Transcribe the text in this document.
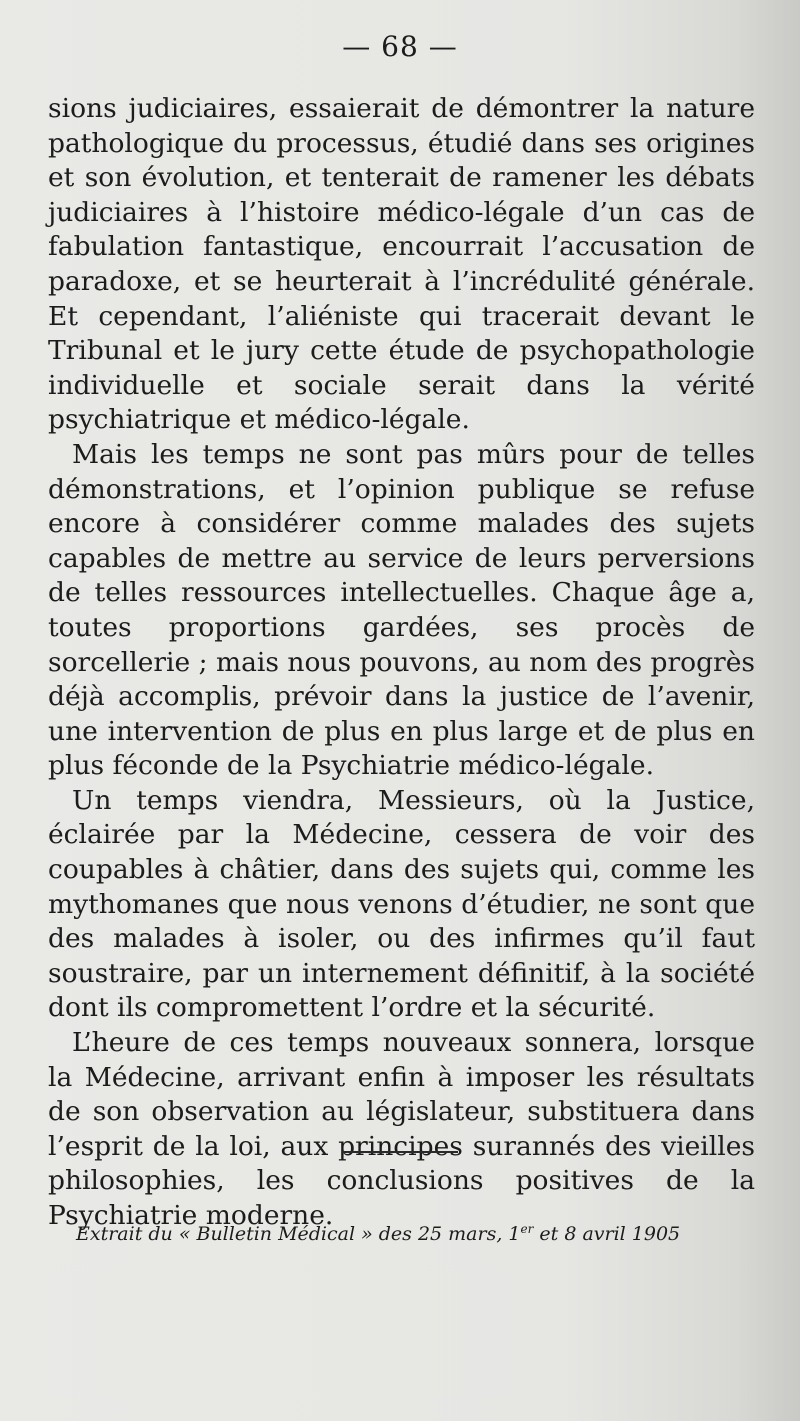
— 68 —

sions judiciaires, essaierait de démontrer la nature pathologique du processus, étudié dans ses origines et son évolution, et tenterait de ramener les débats judiciaires à l’histoire médico-légale d’un cas de fabulation fantastique, encourrait l’accusation de paradoxe, et se heurterait à l’incrédulité générale. Et cependant, l’aliéniste qui tracerait devant le Tribunal et le jury cette étude de psychopathologie individuelle et sociale serait dans la vérité psychiatrique et médico-légale.

Mais les temps ne sont pas mûrs pour de telles démonstrations, et l’opinion publique se refuse encore à considérer comme malades des sujets capables de mettre au service de leurs perversions de telles ressources intellectuelles. Chaque âge a, toutes proportions gardées, ses procès de sorcellerie ; mais nous pouvons, au nom des progrès déjà accomplis, prévoir dans la justice de l’avenir, une intervention de plus en plus large et de plus en plus féconde de la Psychiatrie médico-légale.

Un temps viendra, Messieurs, où la Justice, éclairée par la Médecine, cessera de voir des coupables à châtier, dans des sujets qui, comme les mythomanes que nous venons d’étudier, ne sont que des malades à isoler, ou des infirmes qu’il faut soustraire, par un internement définitif, à la société dont ils compromettent l’ordre et la sécurité.

L’heure de ces temps nouveaux sonnera, lorsque la Médecine, arrivant enfin à imposer les résultats de son observation au législateur, substituera dans l’esprit de la loi, aux principes surannés des vieilles philosophies, les conclusions positives de la Psychiatrie moderne.

Extrait du « Bulletin Médical » des 25 mars, 1er et 8 avril 1905
